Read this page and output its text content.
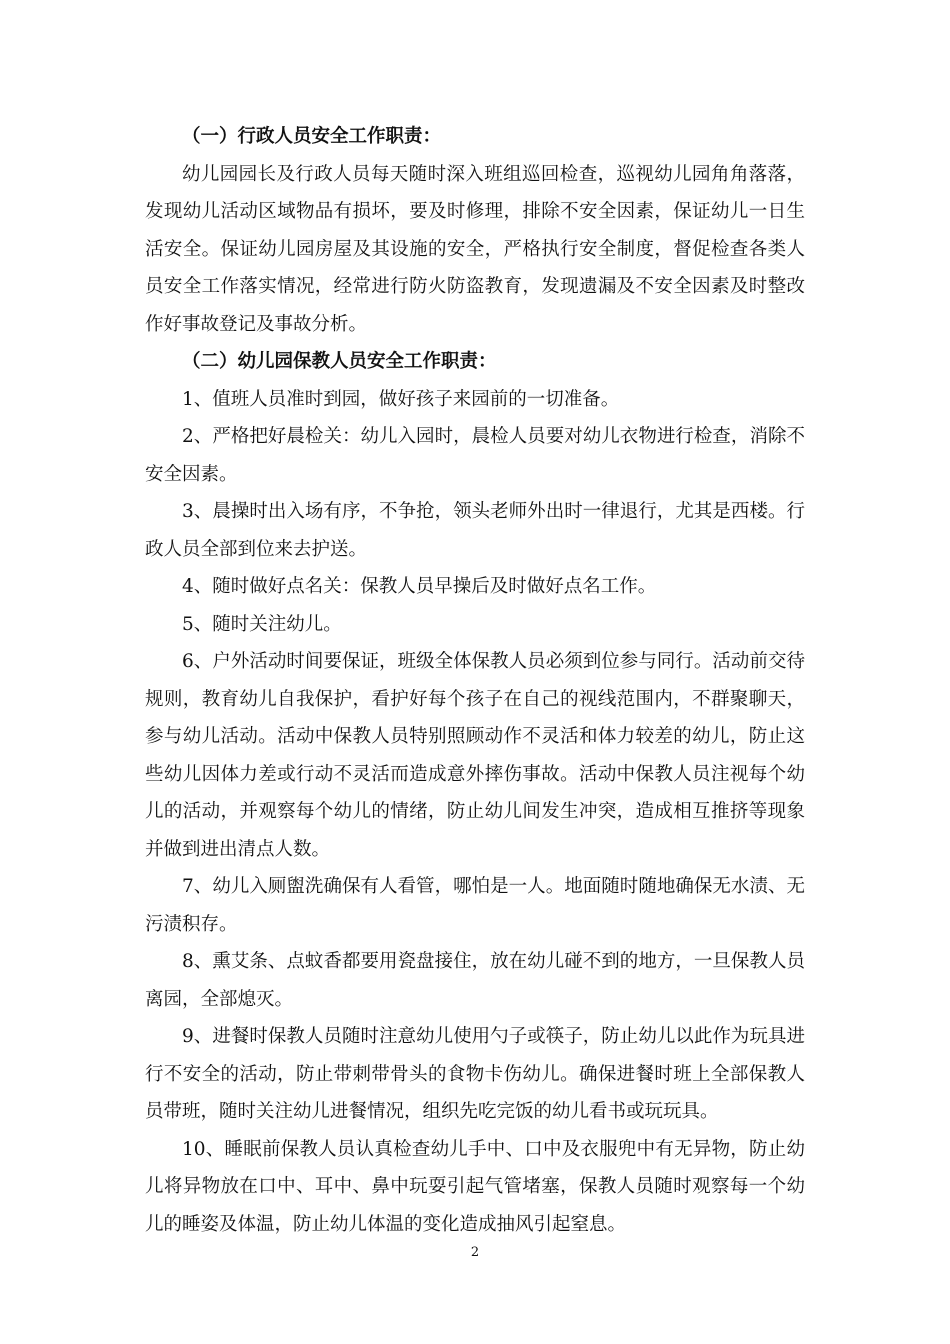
（一）行政人员安全工作职责：

幼儿园园长及行政人员每天随时深入班组巡回检查，巡视幼儿园角角落落，发现幼儿活动区域物品有损坏，要及时修理，排除不安全因素，保证幼儿一日生活安全。保证幼儿园房屋及其设施的安全，严格执行安全制度，督促检查各类人员安全工作落实情况，经常进行防火防盗教育，发现遗漏及不安全因素及时整改作好事故登记及事故分析。

（二）幼儿园保教人员安全工作职责：

1、值班人员准时到园，做好孩子来园前的一切准备。

2、严格把好晨检关：幼儿入园时，晨检人员要对幼儿衣物进行检查，消除不安全因素。

3、晨操时出入场有序，不争抢，领头老师外出时一律退行，尤其是西楼。行政人员全部到位来去护送。

4、随时做好点名关：保教人员早操后及时做好点名工作。

5、随时关注幼儿。

6、户外活动时间要保证，班级全体保教人员必须到位参与同行。活动前交待规则，教育幼儿自我保护，看护好每个孩子在自己的视线范围内，不群聚聊天，参与幼儿活动。活动中保教人员特别照顾动作不灵活和体力较差的幼儿，防止这些幼儿因体力差或行动不灵活而造成意外摔伤事故。活动中保教人员注视每个幼儿的活动，并观察每个幼儿的情绪，防止幼儿间发生冲突，造成相互推挤等现象并做到进出清点人数。

7、幼儿入厕盥洗确保有人看管，哪怕是一人。地面随时随地确保无水渍、无污渍积存。

8、熏艾条、点蚊香都要用瓷盘接住，放在幼儿碰不到的地方，一旦保教人员离园，全部熄灭。

9、进餐时保教人员随时注意幼儿使用勺子或筷子，防止幼儿以此作为玩具进行不安全的活动，防止带刺带骨头的食物卡伤幼儿。确保进餐时班上全部保教人员带班，随时关注幼儿进餐情况，组织先吃完饭的幼儿看书或玩玩具。

10、睡眠前保教人员认真检查幼儿手中、口中及衣服兜中有无异物，防止幼儿将异物放在口中、耳中、鼻中玩耍引起气管堵塞，保教人员随时观察每一个幼儿的睡姿及体温，防止幼儿体温的变化造成抽风引起窒息。

2
